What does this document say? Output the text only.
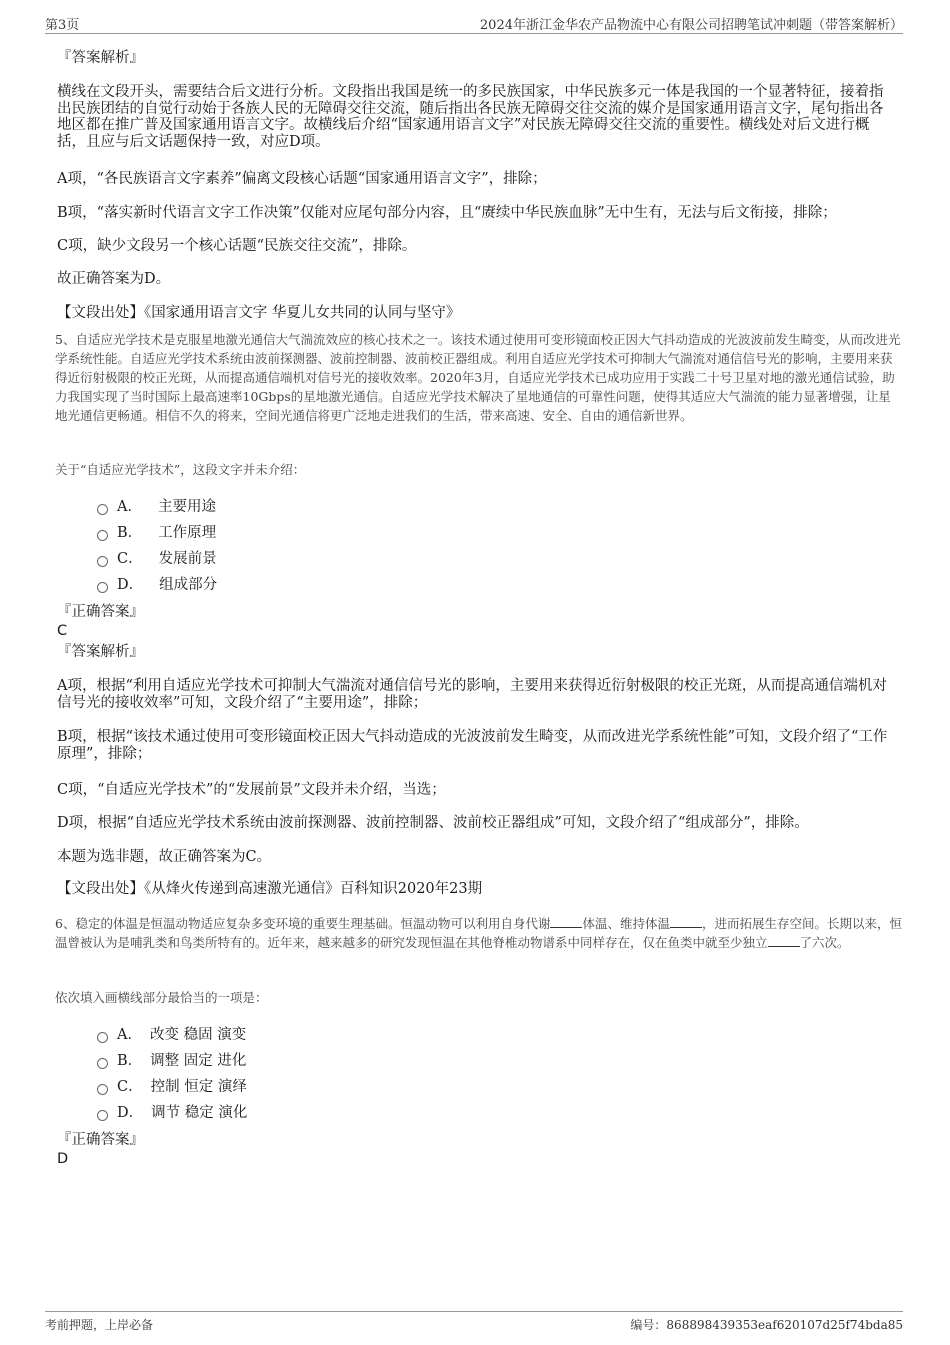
第3页	2024年浙江金华农产品物流中心有限公司招聘笔试冲刺题（带答案解析）

『答案解析』

横线在文段开头，需要结合后文进行分析。文段指出我国是统一的多民族国家，中华民族多元一体是我国的一个显著特征，接着指出民族团结的自觉行动始于各族人民的无障碍交往交流，随后指出各民族无障碍交往交流的媒介是国家通用语言文字，尾句指出各地区都在推广普及国家通用语言文字。故横线后介绍“国家通用语言文字”对民族无障碍交往交流的重要性。横线处对后文进行概括，且应与后文话题保持一致，对应D项。

A项，“各民族语言文字素养”偏离文段核心话题“国家通用语言文字”，排除；

B项，“落实新时代语言文字工作决策”仅能对应尾句部分内容，且“赓续中华民族血脉”无中生有，无法与后文衔接，排除；

C项，缺少文段另一个核心话题“民族交往交流”，排除。

故正确答案为D。

【文段出处】《国家通用语言文字 华夏儿女共同的认同与坚守》

5、自适应光学技术是克服星地激光通信大气湍流效应的核心技术之一。该技术通过使用可变形镜面校正因大气抖动造成的光波波前发生畸变，从而改进光学系统性能。自适应光学技术系统由波前探测器、波前控制器、波前校正器组成。利用自适应光学技术可抑制大气湍流对通信信号光的影响，主要用来获得近衍射极限的校正光斑，从而提高通信端机对信号光的接收效率。2020年3月，自适应光学技术已成功应用于实践二十号卫星对地的激光通信试验，助力我国实现了当时国际上最高速率10Gbps的星地激光通信。自适应光学技术解决了星地通信的可靠性问题，使得其适应大气湍流的能力显著增强，让星地光通信更畅通。相信不久的将来，空间光通信将更广泛地走进我们的生活，带来高速、安全、自由的通信新世界。

关于“自适应光学技术”，这段文字并未介绍：

A． 主要用途
B． 工作原理
C． 发展前景
D． 组成部分

『正确答案』

C

『答案解析』

A项，根据“利用自适应光学技术可抑制大气湍流对通信信号光的影响，主要用来获得近衍射极限的校正光斑，从而提高通信端机对信号光的接收效率”可知，文段介绍了“主要用途”，排除；

B项，根据“该技术通过使用可变形镜面校正因大气抖动造成的光波波前发生畸变，从而改进光学系统性能”可知，文段介绍了“工作原理”，排除；

C项，“自适应光学技术”的“发展前景”文段并未介绍，当选；

D项，根据“自适应光学技术系统由波前探测器、波前控制器、波前校正器组成”可知，文段介绍了“组成部分”，排除。

本题为选非题，故正确答案为C。

【文段出处】《从烽火传递到高速激光通信》百科知识2020年23期

6、稳定的体温是恒温动物适应复杂多变环境的重要生理基础。恒温动物可以利用自身代谢	体温、维持体温	，进而拓展生存空间。长期以来，恒温曾被认为是哺乳类和鸟类所特有的。近年来，越来越多的研究发现恒温在其他脊椎动物谱系中同样存在，仅在鱼类中就至少独立	了六次。

依次填入画横线部分最恰当的一项是：

A． 改变 稳固 演变
B． 调整 固定 进化
C． 控制 恒定 演绎
D． 调节 稳定 演化

『正确答案』

D

考前押题，上岸必备	编号：868898439353eaf620107d25f74bda85
